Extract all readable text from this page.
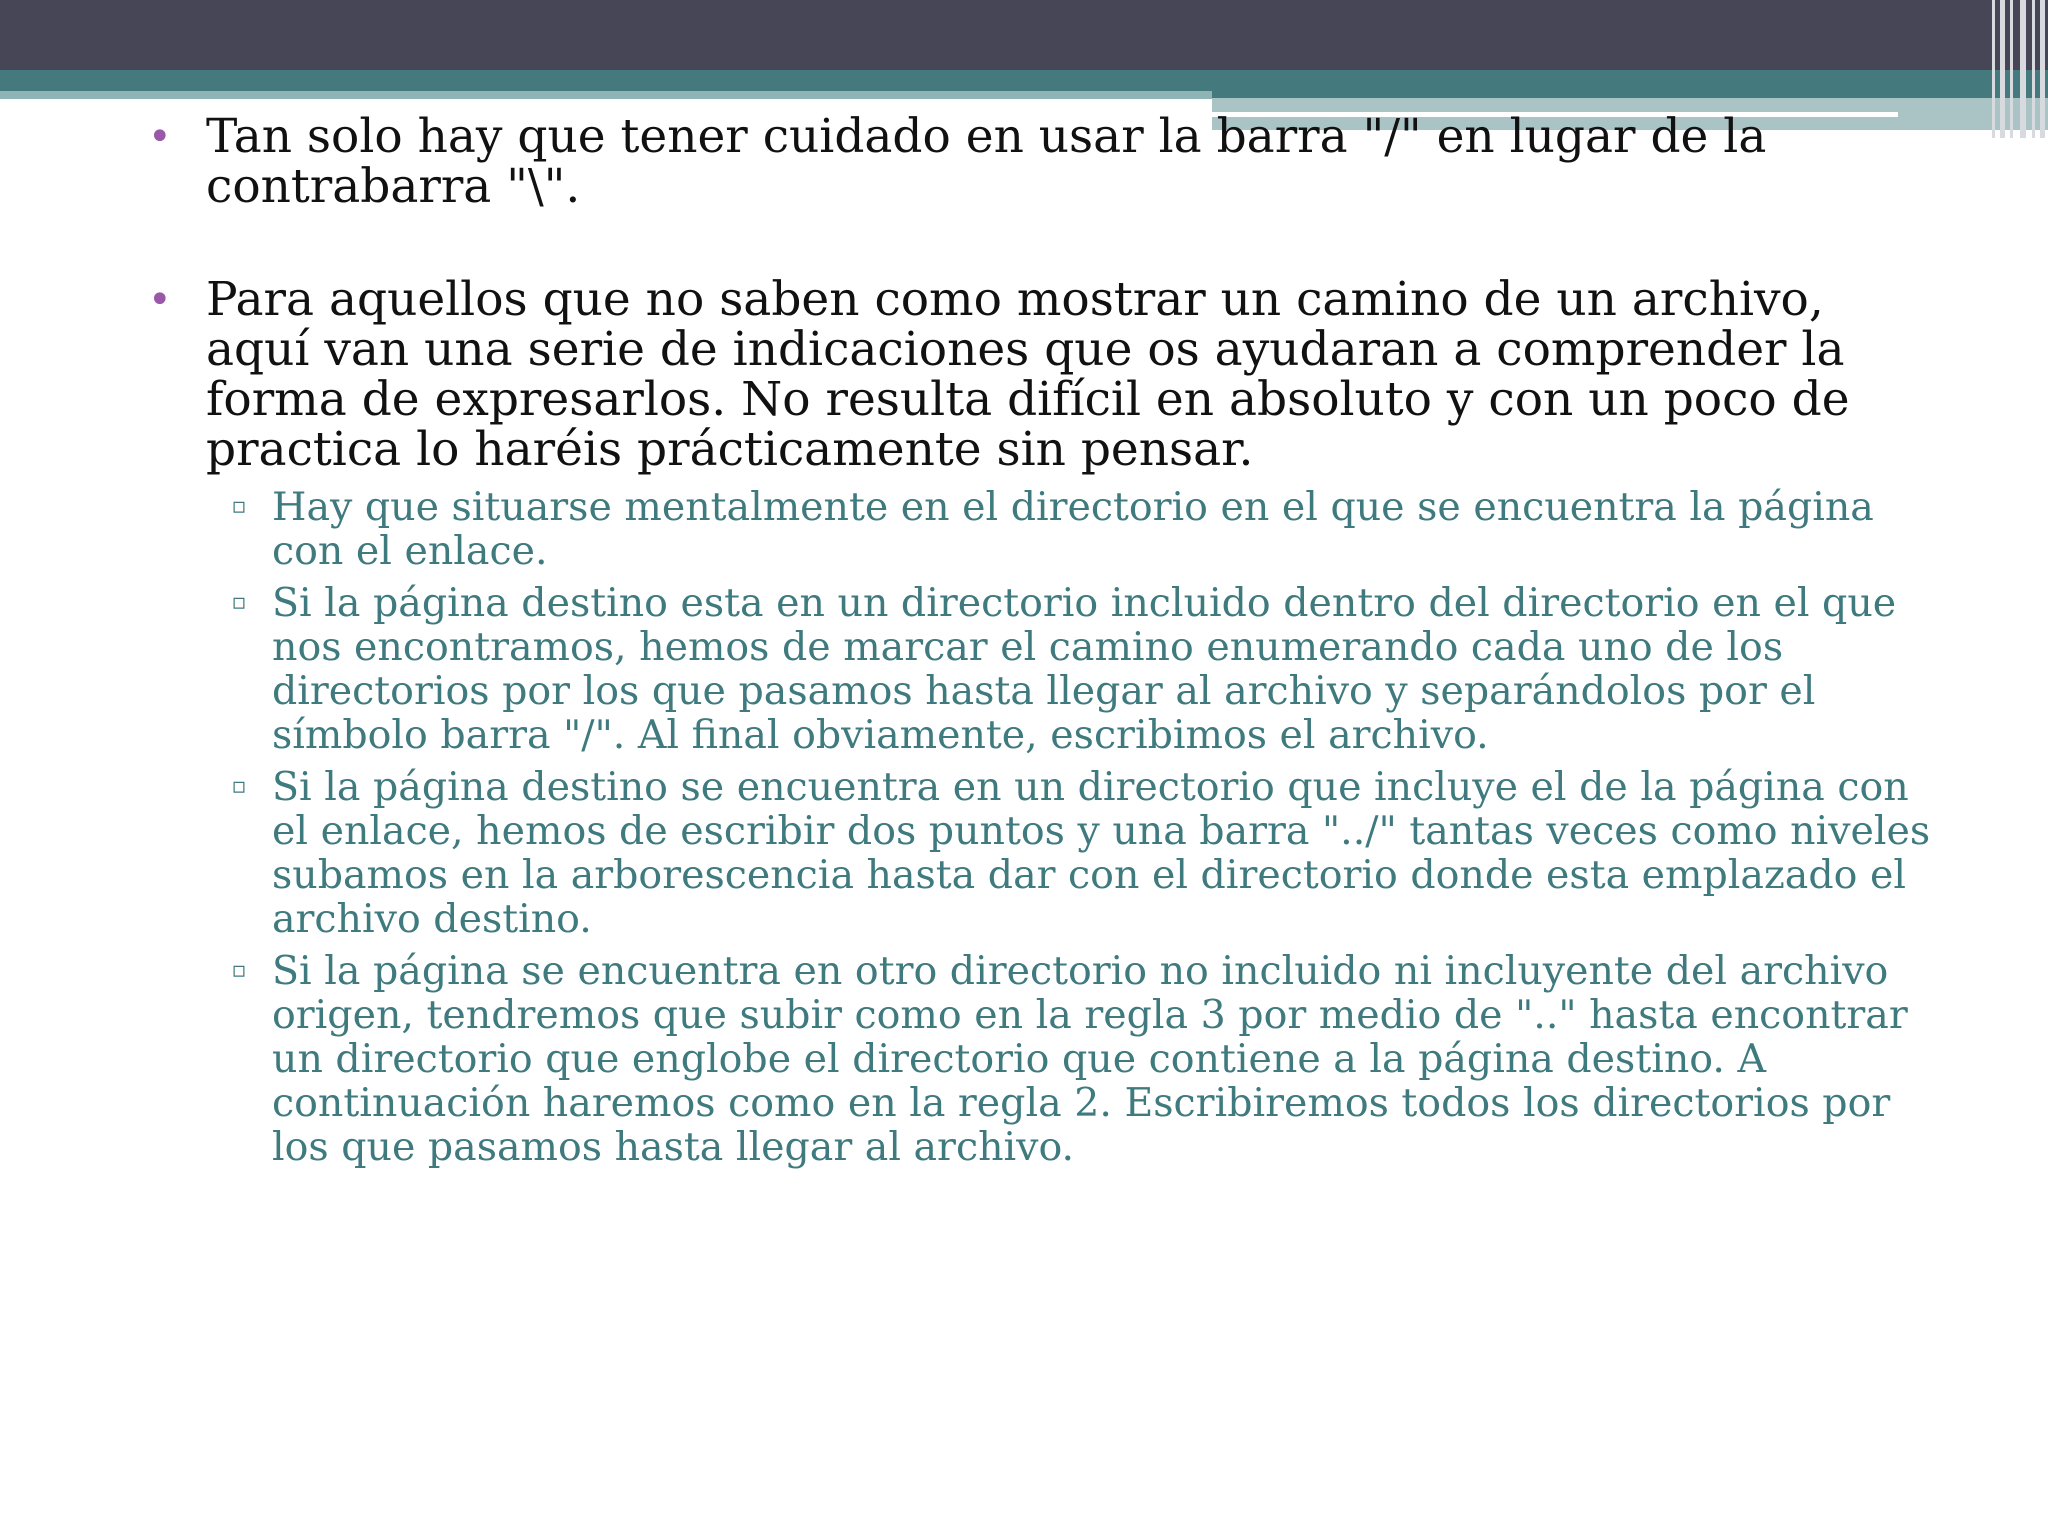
• Tan solo hay que tener cuidado en usar la barra "/" en lugar de la contrabarra "\".
• Para aquellos que no saben como mostrar un camino de un archivo, aquí van una serie de indicaciones que os ayudaran a comprender la forma de expresarlos. No resulta difícil en absoluto y con un poco de practica lo haréis prácticamente sin pensar.
▫ Hay que situarse mentalmente en el directorio en el que se encuentra la página con el enlace.
▫ Si la página destino esta en un directorio incluido dentro del directorio en el que nos encontramos, hemos de marcar el camino enumerando cada uno de los directorios por los que pasamos hasta llegar al archivo y separándolos por el símbolo barra "/". Al final obviamente, escribimos el archivo.
▫ Si la página destino se encuentra en un directorio que incluye el de la página con el enlace, hemos de escribir dos puntos y una barra "../" tantas veces como niveles subamos en la arborescencia hasta dar con el directorio donde esta emplazado el archivo destino.
▫ Si la página se encuentra en otro directorio no incluido ni incluyente del archivo origen, tendremos que subir como en la regla 3 por medio de ".." hasta encontrar un directorio que englobe el directorio que contiene a la página destino. A continuación haremos como en la regla 2. Escribiremos todos los directorios por los que pasamos hasta llegar al archivo.
